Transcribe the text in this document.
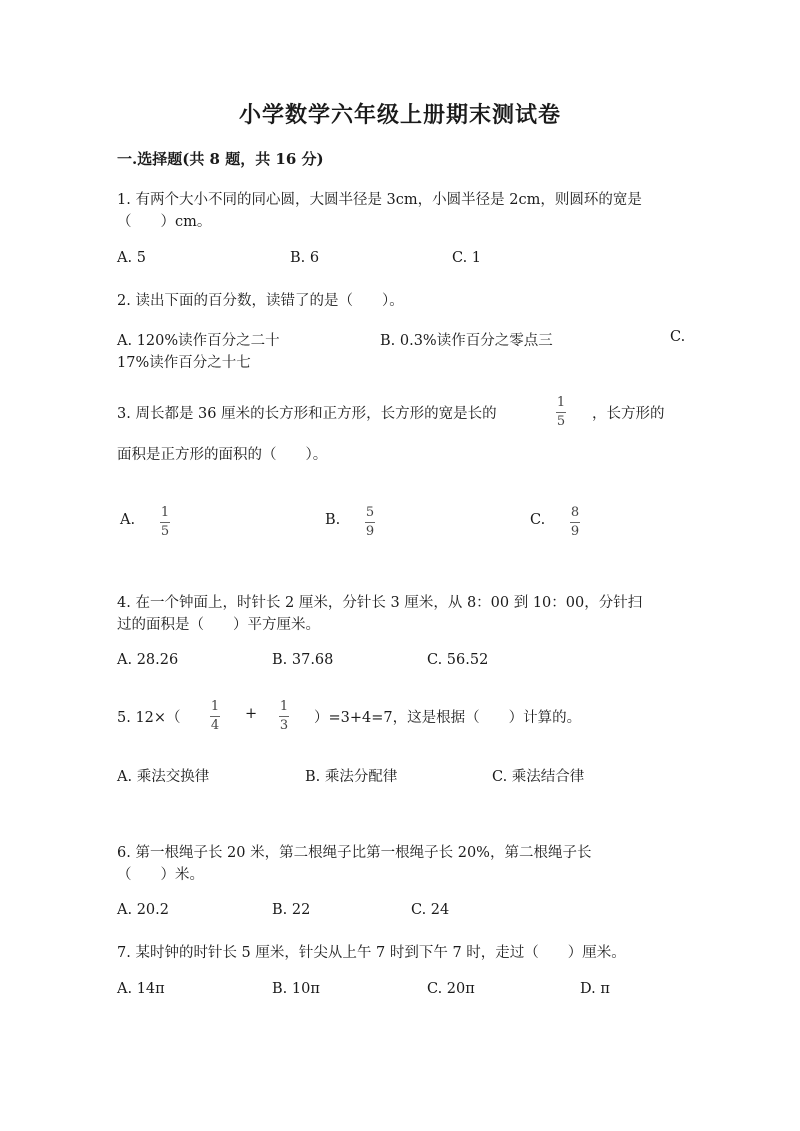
小学数学六年级上册期末测试卷
一.选择题(共 8 题，共 16 分)
1. 有两个大小不同的同心圆，大圆半径是 3cm，小圆半径是 2cm，则圆环的宽是
（　　）cm。
A. 5	B. 6	C. 1
2. 读出下面的百分数，读错了的是（　　）。
A. 120%读作百分之二十	B. 0.3%读作百分之零点三	C.
17%读作百分之十七
3. 周长都是 36 厘米的长方形和正方形，长方形的宽是长的
1
5 ，长方形的
面积是正方形的面积的（　　）。
A. 1
5
B. 5
9
C. 8
9
4. 在一个钟面上，时针长 2 厘米，分针长 3 厘米，从 8：00 到 10：00，分针扫
过的面积是（　　）平方厘米。
A. 28.26	B. 37.68	C. 56.52
5. 12×（
1
4
+ 1
3 ）=3+4=7，这是根据（　　）计算的。
A. 乘法交换律	B. 乘法分配律	C. 乘法结合律
6. 第一根绳子长 20 米，第二根绳子比第一根绳子长 20%，第二根绳子长
（　　）米。
A. 20.2	B. 22	C. 24
7. 某时钟的时针长 5 厘米，针尖从上午 7 时到下午 7 时，走过（　　）厘米。
A. 14π	B. 10π	C. 20π	D. π
